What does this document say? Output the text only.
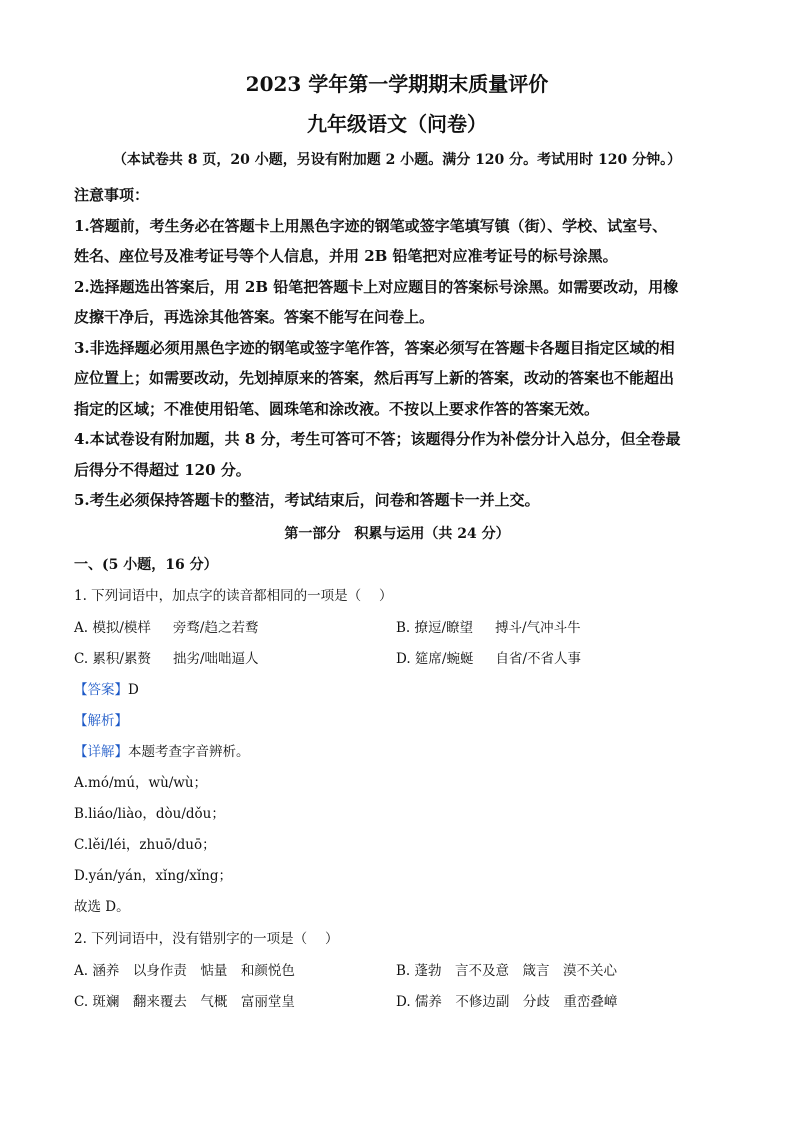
2023 学年第一学期期末质量评价
九年级语文（问卷）
（本试卷共 8 页，20 小题，另设有附加题 2 小题。满分 120 分。考试用时 120 分钟。）
注意事项：
1.答题前，考生务必在答题卡上用黑色字迹的钢笔或签字笔填写镇（街）、学校、试室号、
姓名、座位号及准考证号等个人信息，并用 2B 铅笔把对应准考证号的标号涂黑。
2.选择题选出答案后，用 2B 铅笔把答题卡上对应题目的答案标号涂黑。如需要改动，用橡
皮擦干净后，再选涂其他答案。答案不能写在问卷上。
3.非选择题必须用黑色字迹的钢笔或签字笔作答，答案必须写在答题卡各题目指定区域的相
应位置上；如需要改动，先划掉原来的答案，然后再写上新的答案，改动的答案也不能超出
指定的区域；不准使用铅笔、圆珠笔和涂改液。不按以上要求作答的答案无效。
4.本试卷设有附加题，共 8 分，考生可答可不答；该题得分作为补偿分计入总分，但全卷最
后得分不得超过 120 分。
5.考生必须保持答题卡的整洁，考试结束后，问卷和答题卡一并上交。
第一部分　积累与运用（共 24 分）
一、(5 小题，16 分）
1. 下列词语中，加点字的读音都相同的一项是（　 ）
A. 模拟/模样 旁骛/趋之若鹜	B. 撩逗/瞭望 搏斗/气冲斗牛
C. 累积/累赘 拙劣/咄咄逼人	D. 筵席/蜿蜒 自省/不省人事
【答案】D
【解析】
【详解】本题考查字音辨析。
A.mó/mú，wù/wù；
B.liáo/liào，dòu/dǒu；
C.lěi/léi，zhuō/duō；
D.yán/yán，xǐng/xǐng；
故选 D。
2. 下列词语中，没有错别字的一项是（　 ）
A. 涵养　以身作责　惦量　和颜悦色	B. 蓬勃　言不及意　箴言　漠不关心
C. 斑斓　翻来覆去　气概　富丽堂皇	D. 儒养　不修边副　分歧　重峦叠嶂
